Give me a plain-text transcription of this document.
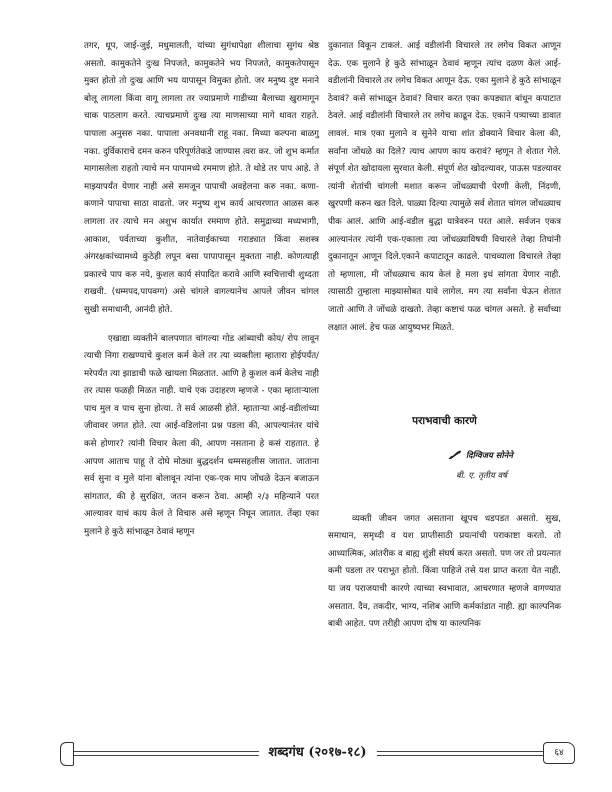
तगर, धूप, जाई-जुई, मधुमालती, यांच्या सुगंधापेक्षा शीलाचा सुगंध श्रेष्ठ असतो. कामुकतेने दुःख निपजते, कामुकतेने भय निपजते, कामुकतेपासून मुक्त होतो तो दुःख आणि भय यापासून विमुक्त होतो. जर मनुष्य दुष्ट मनाने बोलू लागला किंवा वागू लागला तर ज्याप्रमाणे गाडीच्या बैलाच्या खुरामागून चाक पाठलाग करते. त्याचप्रमाणे दुःख त्या माणसाच्या मागे धावत राहते. पापाला अनुसरु नका. पापाला अनवधानी राहू नका. मिथ्या कल्पना बाळगु नका. दुर्विकाराचे दमन करुन परिपूर्णतेकडे जाण्यास त्वरा कर. जो शुभ कर्मात मागासलेला राहतो त्याचे मन पापामध्ये रममाण होते. ते थोडे तर पाप आहे. ते माझ्यापर्यंत येणार नाही असे समजून पापाची अवहेलना करु नका. कणा-कणाने पापाचा साठा वाढतो. जर मनुष्य शुभ कार्य आचरणात आळस करु लागला तर त्याचे मन अशुभ कार्यात रममाण होते. समुद्राच्या मध्यभागी, आकाश, पर्वताच्या कुशीत, नातेवाईकाच्या गराड्यात किंवा सशस्त्र अंगरक्षकांच्यामध्ये कुठेही लपून बसा पापापासून मुक्तता नाही. कोणत्याही प्रकारचे पाप करु नये, कुशल कार्य संपादित करावे आणि स्वचित्ताची शुध्दता राखवी. (धम्मपद,पापवग्ग) असे चांगले वागल्यानेच आपले जीवन चांगल सुखी समाधानी, आनंदी होते.

एखाद्या व्यक्तीने बालपणात चांगल्या गोड आंब्याची कोय/ रोप लावून त्याची निगा राखण्याचे कुशल कर्म केले तर त्या व्यक्तीला म्हातारा होईपर्यंत/ मरेपर्यंत त्या झाडाची फळे खायला मिळतात. आणि हे कुशल कर्म केलेच नाही तर त्यास फळही मिळत नाही. याचे एक उदाहरण म्हणजे - एका म्हाताऱ्याला पाच मुल व पाच सुना होत्या. ते सर्व आळसी होते. म्हाताऱ्या आई-वडीलांच्या जीवावर जगत होते. त्या आई-वडिलांना प्रश्न पडला की, आपल्यानंतर यांचे कसे होणार? त्यांनी विचार केला की, आपण नसताना हे कसं राहतात. हे आपण आताच पाहू ते दोघे मोठ्या बुद्धदर्शन धम्मसहलीस जातात. जाताना सर्व सुना व मुले यांना बोलावून त्यांना एक-एक माप जोंधळे देऊन बजाऊन सांगतात, की हे सुरक्षित, जतन करून ठेवा. आम्ही २/३ महिन्याने परत आल्यावर याचं काय केलं ते विचारु असे म्हणून निघून जातात. तेंव्हा एका मुलाने हे कुठे सांभाळून ठेवावं म्हणून

दुकानात विकून टाकलं. आई वडीलांनी विचारले तर लगेच विकत आणून देऊ. एक मुलाने हे कुठे सांभाळून ठेवावं म्हणून त्यांच दळण केलं आई-वडीलांनी विचारले तर लगेच विकत आणून देऊ. एका मुलाने हे कुठे सांभाळून ठेवावं? कसे सांभाळून ठेवावं? विचार करत एका कपड्यात बांधून कपाटात ठेवले. आई वडीलांनी विचारले तर लगेच काढून देऊ. एकाने पत्र्याच्या डावात लावलं. मात्र एका मुलाने व सुनेने याचा शांत डोक्याने विचार केला की, सर्वांना जोंधळे का दिले? त्याच आपण काय करावं? म्हणून ते शेतात गेले. संपूर्ण शेत खोदायला सुरवात केली. संपूर्ण शेत खोदल्यावर, पाऊस पडल्यावर त्यांनी शेतांची चांगली मशात करून जोंधळ्याची पेरणी केली, निंदणी, खुरपणी करुन खत दिले. पाळ्या दिल्या त्यामुळे सर्व शेतात चांगल जोंधळ्याच पीक आलं. आणि आई-वडील बुद्धा यात्रेवरुन परत आले. सर्वजन एकत्र आल्यानंतर त्यांनी एक-एकाला त्या जोंधळ्याविषयी विचारले तेव्हा तिघांनी दुकानातून आणून दिले.एकाने कपाटातून काढले. पाचव्याला विचारले तेव्हा तो म्हणाला, मी जोंधळ्याच काय केलं हे मला इथं सांगता येणार नाही. त्यासाठी तुम्हाला माझ्यासोबत यावे लागेल. मग त्या सर्वांना घेऊन शेतात जातो आणि ते जोंधळे दाखतो. तेव्हा कष्टाचं फळ चांगल असते. हे सर्वांच्या लक्षात आलं. हेच फळ आयुष्यभर मिळते.

पराभवाची कारणे
दिग्विजय सोनेने
बी. ए. तृतीय वर्ष

व्यक्ती जीवन जगत असताना खूपच धडपडत असतो. सुख, समाधान, समृध्दी व यश प्राप्तीसाठी प्रयत्नांची पराकाष्टा करतो. तो आध्यात्मिक, आंतरीक व बाह्य शुंज्ञी संघर्ष करत असतो. पण जर तो प्रयत्नात कमी पडला तर पराभूत होतो. किंवा पाहिजे तसे यश प्राप्त करता येत नाही. या जय पराजयाची कारणे त्याच्या स्वभावात, आचरणात म्हणजे वागण्यात असतात. दैव, तकदीर, भाग्य, नशिब आणि कर्मकांडात नाही. ह्या काल्पनिक बाबी आहेत. पण तरीही आपण दोष या काल्पनिक

शब्दगंध (२०१७-१८)	६४
